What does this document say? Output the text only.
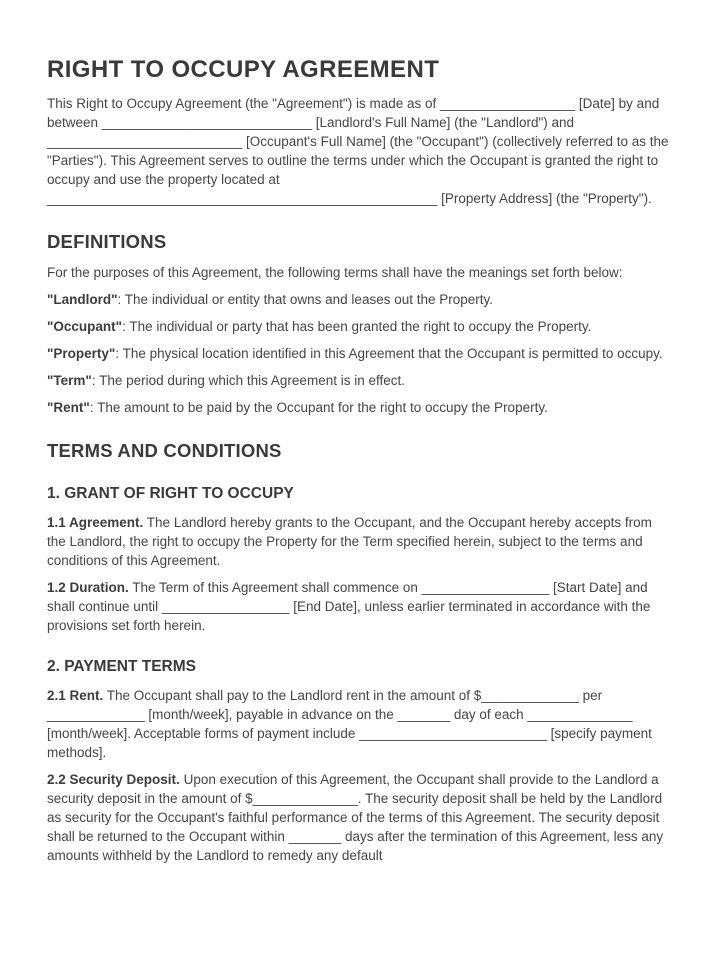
RIGHT TO OCCUPY AGREEMENT

This Right to Occupy Agreement (the "Agreement") is made as of __________________ [Date] by and between ____________________________ [Landlord's Full Name] (the "Landlord") and __________________________ [Occupant's Full Name] (the "Occupant") (collectively referred to as the "Parties"). This Agreement serves to outline the terms under which the Occupant is granted the right to occupy and use the property located at ____________________________________________________ [Property Address] (the "Property").

DEFINITIONS

For the purposes of this Agreement, the following terms shall have the meanings set forth below:

"Landlord": The individual or entity that owns and leases out the Property.

"Occupant": The individual or party that has been granted the right to occupy the Property.

"Property": The physical location identified in this Agreement that the Occupant is permitted to occupy.

"Term": The period during which this Agreement is in effect.

"Rent": The amount to be paid by the Occupant for the right to occupy the Property.

TERMS AND CONDITIONS
1. GRANT OF RIGHT TO OCCUPY

1.1 Agreement. The Landlord hereby grants to the Occupant, and the Occupant hereby accepts from the Landlord, the right to occupy the Property for the Term specified herein, subject to the terms and conditions of this Agreement.

1.2 Duration. The Term of this Agreement shall commence on _________________ [Start Date] and shall continue until _________________ [End Date], unless earlier terminated in accordance with the provisions set forth herein.

2. PAYMENT TERMS

2.1 Rent. The Occupant shall pay to the Landlord rent in the amount of $_____________ per _____________ [month/week], payable in advance on the _______ day of each ______________ [month/week]. Acceptable forms of payment include _________________________ [specify payment methods].

2.2 Security Deposit. Upon execution of this Agreement, the Occupant shall provide to the Landlord a security deposit in the amount of $______________. The security deposit shall be held by the Landlord as security for the Occupant's faithful performance of the terms of this Agreement. The security deposit shall be returned to the Occupant within _______ days after the termination of this Agreement, less any amounts withheld by the Landlord to remedy any default
